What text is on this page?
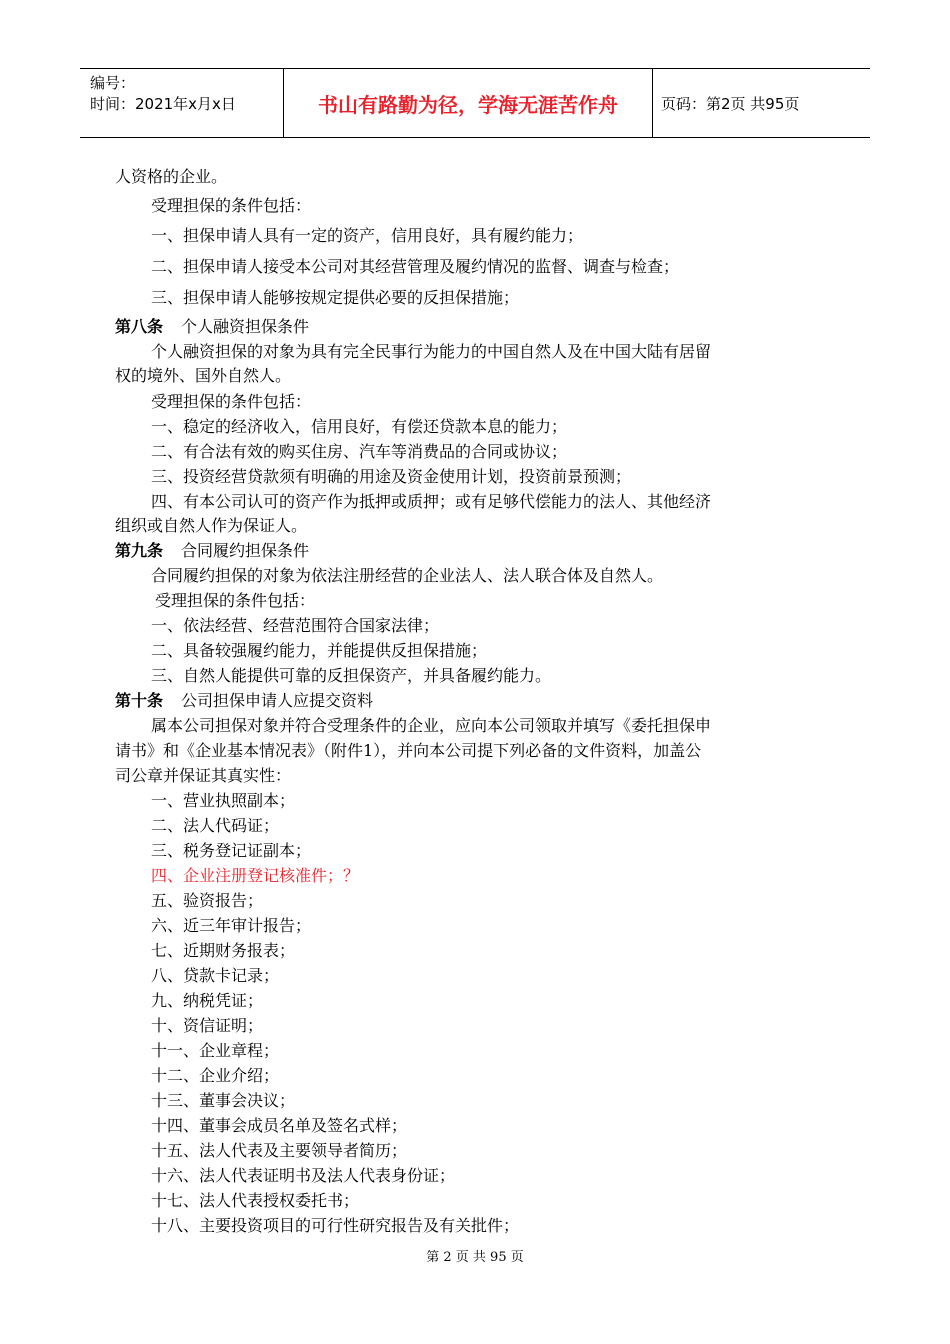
编号：
时间：2021年x月x日	书山有路勤为径，学海无涯苦作舟	页码：第2页 共95页
人资格的企业。
受理担保的条件包括：
一、担保申请人具有一定的资产，信用良好，具有履约能力；
二、担保申请人接受本公司对其经营管理及履约情况的监督、调查与检查；
三、担保申请人能够按规定提供必要的反担保措施；
第八条 个人融资担保条件
个人融资担保的对象为具有完全民事行为能力的中国自然人及在中国大陆有居留
权的境外、国外自然人。
受理担保的条件包括：
一、稳定的经济收入，信用良好，有偿还贷款本息的能力；
二、有合法有效的购买住房、汽车等消费品的合同或协议；
三、投资经营贷款须有明确的用途及资金使用计划，投资前景预测；
四、有本公司认可的资产作为抵押或质押；或有足够代偿能力的法人、其他经济
组织或自然人作为保证人。
第九条 合同履约担保条件
合同履约担保的对象为依法注册经营的企业法人、法人联合体及自然人。
受理担保的条件包括：
一、依法经营、经营范围符合国家法律；
二、具备较强履约能力，并能提供反担保措施；
三、自然人能提供可靠的反担保资产，并具备履约能力。
第十条 公司担保申请人应提交资料
属本公司担保对象并符合受理条件的企业，应向本公司领取并填写《委托担保申
请书》和《企业基本情况表》（附件1），并向本公司提下列必备的文件资料，加盖公
司公章并保证其真实性：
一、营业执照副本；
二、法人代码证；
三、税务登记证副本；
四、企业注册登记核准件；？
五、验资报告；
六、近三年审计报告；
七、近期财务报表；
八、贷款卡记录；
九、纳税凭证；
十、资信证明；
十一、企业章程；
十二、企业介绍；
十三、董事会决议；
十四、董事会成员名单及签名式样；
十五、法人代表及主要领导者简历；
十六、法人代表证明书及法人代表身份证；
十七、法人代表授权委托书；
十八、主要投资项目的可行性研究报告及有关批件；
第 2 页 共 95 页
